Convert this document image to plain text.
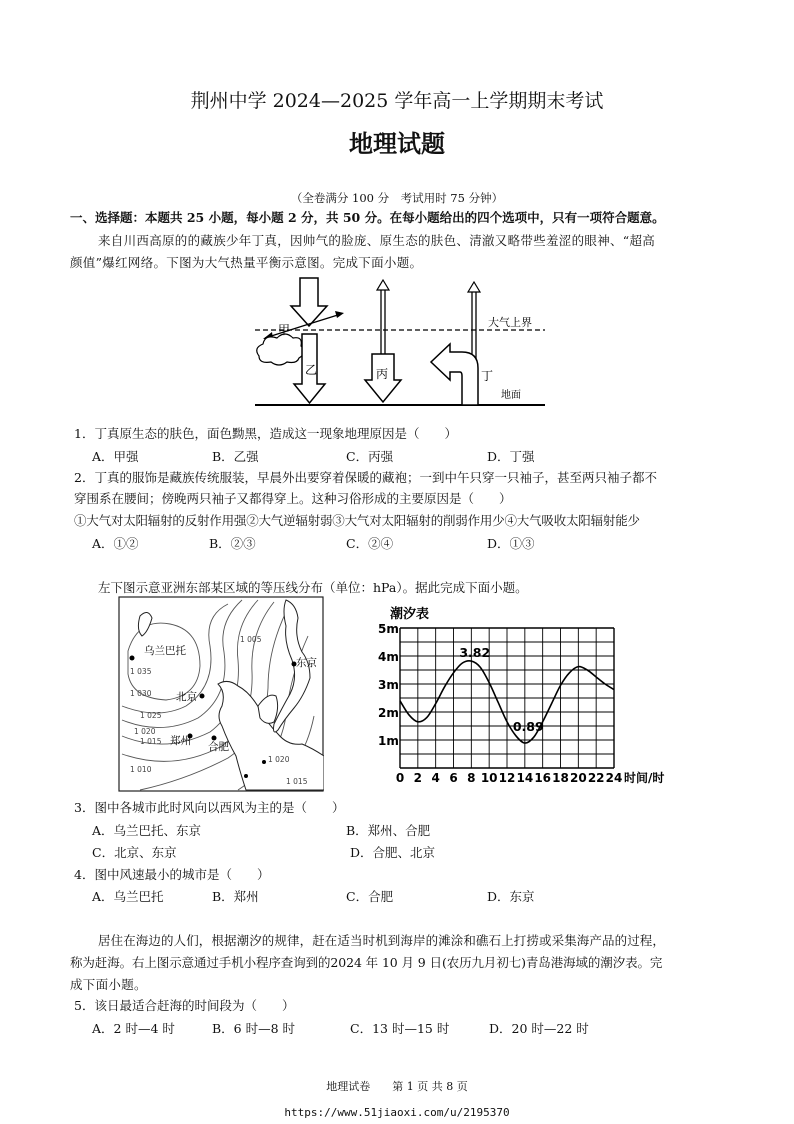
荆州中学 2024—2025 学年高一上学期期末考试
地理试题
（全卷满分 100 分　考试用时 75 分钟）
一、选择题：本题共 25 小题，每小题 2 分，共 50 分。在每小题给出的四个选项中，只有一项符合题意。
来自川西高原的的藏族少年丁真，因帅气的脸庞、原生态的肤色、清澈又略带些羞涩的眼神、“超高
颜值”爆红网络。下图为大气热量平衡示意图。完成下面小题。
甲
乙	丙	丁
大气上界
地面
1．丁真原生态的肤色，面色黝黑，造成这一现象地理原因是（　　）
A．甲强	B．乙强	C．丙强	D．丁强
2．丁真的服饰是藏族传统服装，早晨外出要穿着保暖的藏袍；一到中午只穿一只袖子，甚至两只袖子都不
穿围系在腰间；傍晚两只袖子又都得穿上。这种习俗形成的主要原因是（　　）
①大气对太阳辐射的反射作用强②大气逆辐射弱③大气对太阳辐射的削弱作用少④大气吸收太阳辐射能少
A．①②	B．②③	C．②④	D．①③
左下图示意亚洲东部某区域的等压线分布（单位：hPa）。据此完成下面小题。
乌兰巴托
北京
郑州 合肥
东京
1 035
1 030
1 025
1 020
1 015
1 010
1 005
1 020
1 015
潮汐表
1m
2m
3m
4m
5m
0 2 4 6 8 10 12 14 16 18 20 22 24
3.82
0.89
时间/时
3．图中各城市此时风向以西风为主的是（　　）
A．乌兰巴托、东京	B．郑州、合肥
C．北京、东京	D．合肥、北京
4．图中风速最小的城市是（　　）
A．乌兰巴托	B．郑州	C．合肥	D．东京
居住在海边的人们，根据潮汐的规律，赶在适当时机到海岸的滩涂和礁石上打捞或采集海产品的过程，
称为赶海。右上图示意通过手机小程序查询到的2024 年 10 月 9 日(农历九月初七)青岛港海域的潮汐表。完
成下面小题。
5．该日最适合赶海的时间段为（　　）
A．2 时—4 时	B．6 时—8 时	C．13 时—15 时	D．20 时—22 时
地理试卷　　第 1 页 共 8 页
https://www.51jiaoxi.com/u/2195370
